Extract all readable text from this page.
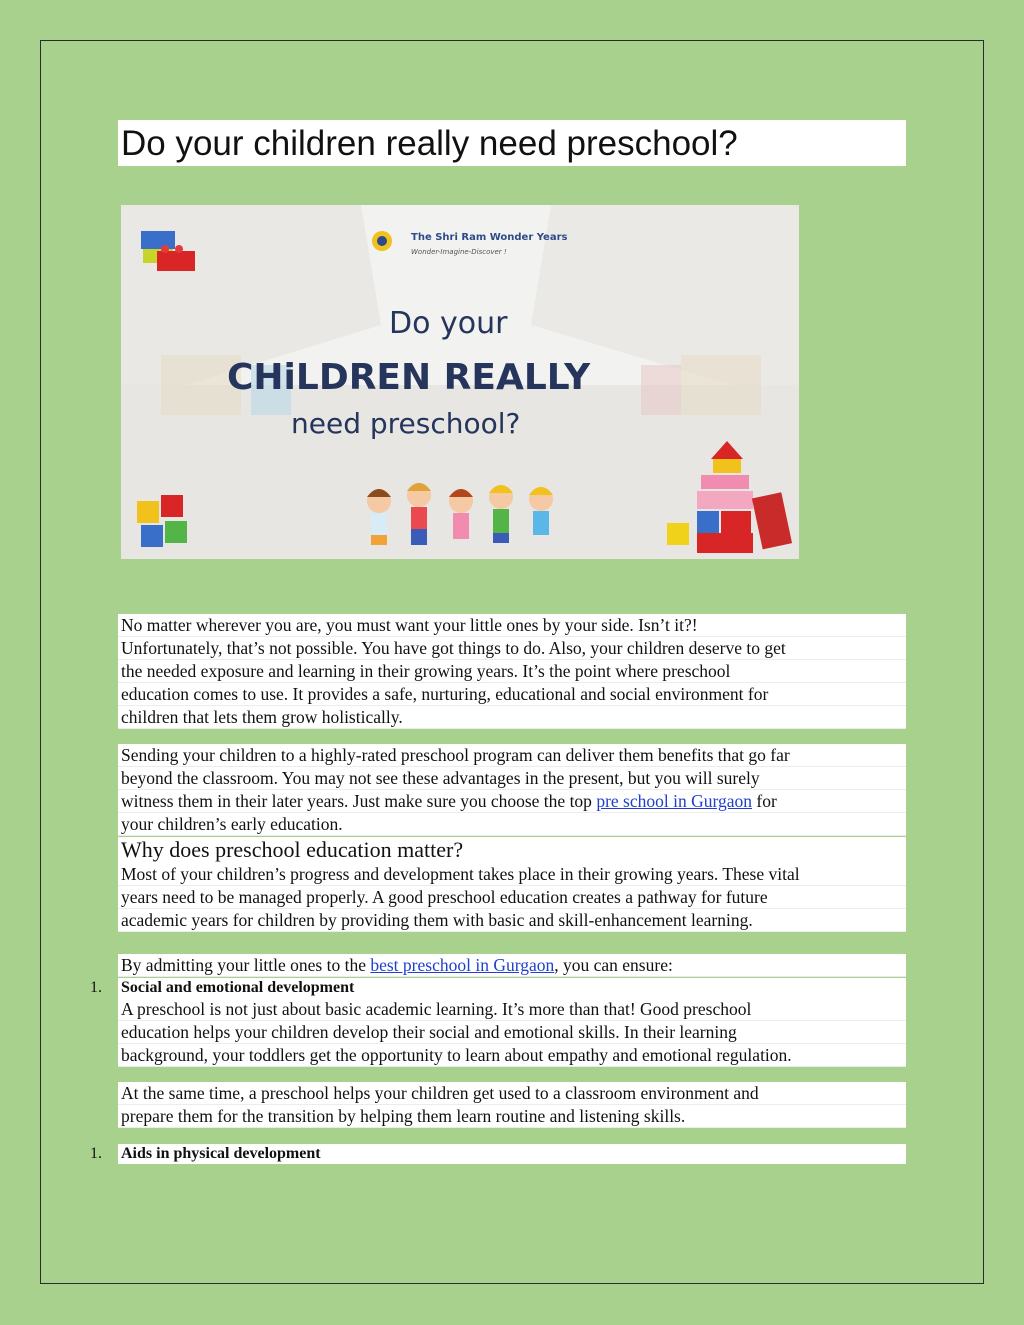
Do your children really need preschool?
The Shri Ram Wonder Years
Wonder-Imagine-Discover !
Do your
CHiLDREN REALLY
need preschool?
No matter wherever you are, you must want your little ones by your side. Isn’t it?!
Unfortunately, that’s not possible. You have got things to do. Also, your children deserve to get
the needed exposure and learning in their growing years. It’s the point where preschool
education comes to use. It provides a safe, nurturing, educational and social environment for
children that lets them grow holistically.
Sending your children to a highly-rated preschool program can deliver them benefits that go far
beyond the classroom. You may not see these advantages in the present, but you will surely
witness them in their later years. Just make sure you choose the top pre school in Gurgaon for
your children’s early education.
Why does preschool education matter?
Most of your children’s progress and development takes place in their growing years. These vital
years need to be managed properly. A good preschool education creates a pathway for future
academic years for children by providing them with basic and skill-enhancement learning.
By admitting your little ones to the best preschool in Gurgaon, you can ensure:
1. Social and emotional development
A preschool is not just about basic academic learning. It’s more than that! Good preschool
education helps your children develop their social and emotional skills. In their learning
background, your toddlers get the opportunity to learn about empathy and emotional regulation.
At the same time, a preschool helps your children get used to a classroom environment and
prepare them for the transition by helping them learn routine and listening skills.
1. Aids in physical development
